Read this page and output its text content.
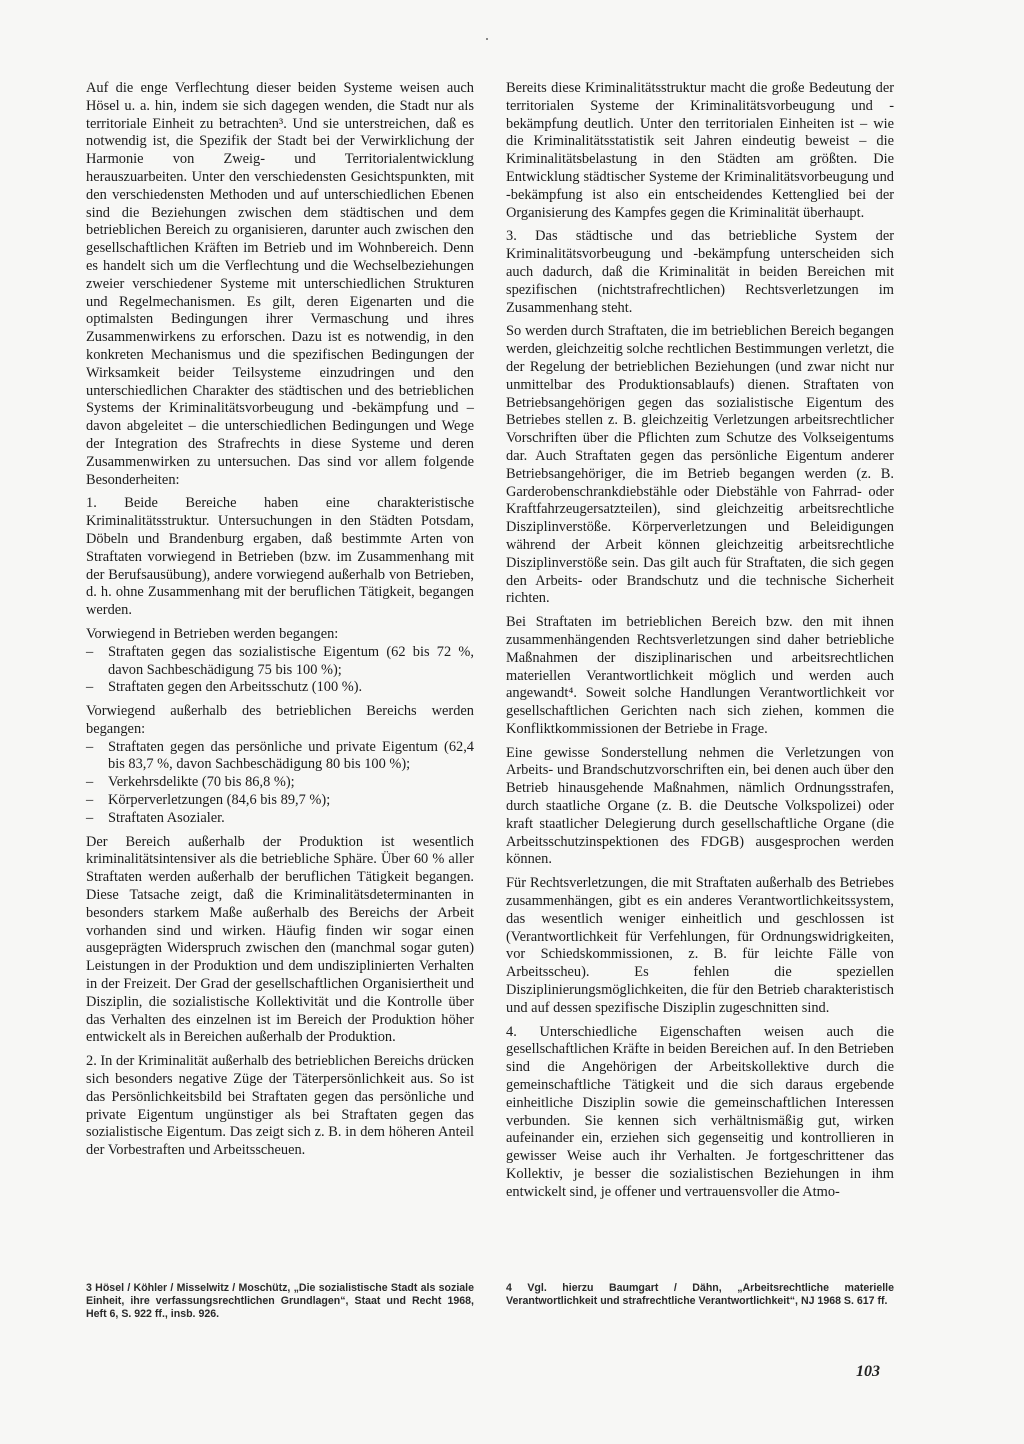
Auf die enge Verflechtung dieser beiden Systeme weisen auch Hösel u. a. hin, indem sie sich dagegen wenden, die Stadt nur als territoriale Einheit zu betrachten³. Und sie unterstreichen, daß es notwendig ist, die Spezifik der Stadt bei der Verwirklichung der Harmonie von Zweig- und Territorialentwicklung herauszuarbeiten. Unter den verschiedensten Gesichtspunkten, mit den verschiedensten Methoden und auf unterschiedlichen Ebenen sind die Beziehungen zwischen dem städtischen und dem betrieblichen Bereich zu organisieren, darunter auch zwischen den gesellschaftlichen Kräften im Betrieb und im Wohnbereich. Denn es handelt sich um die Verflechtung und die Wechselbeziehungen zweier verschiedener Systeme mit unterschiedlichen Strukturen und Regelmechanismen. Es gilt, deren Eigenarten und die optimalsten Bedingungen ihrer Vermaschung und ihres Zusammenwirkens zu erforschen. Dazu ist es notwendig, in den konkreten Mechanismus und die spezifischen Bedingungen der Wirksamkeit beider Teilsysteme einzudringen und den unterschiedlichen Charakter des städtischen und des betrieblichen Systems der Kriminalitätsvorbeugung und -bekämpfung und – davon abgeleitet – die unterschiedlichen Bedingungen und Wege der Integration des Strafrechts in diese Systeme und deren Zusammenwirken zu untersuchen. Das sind vor allem folgende Besonderheiten:

1. Beide Bereiche haben eine charakteristische Kriminalitätsstruktur. Untersuchungen in den Städten Potsdam, Döbeln und Brandenburg ergaben, daß bestimmte Arten von Straftaten vorwiegend in Betrieben (bzw. im Zusammenhang mit der Berufsausübung), andere vorwiegend außerhalb von Betrieben, d. h. ohne Zusammenhang mit der beruflichen Tätigkeit, begangen werden.

Vorwiegend in Betrieben werden begangen:

– Straftaten gegen das sozialistische Eigentum (62 bis 72 %, davon Sachbeschädigung 75 bis 100 %);
– Straftaten gegen den Arbeitsschutz (100 %).

Vorwiegend außerhalb des betrieblichen Bereichs werden begangen:

– Straftaten gegen das persönliche und private Eigentum (62,4 bis 83,7 %, davon Sachbeschädigung 80 bis 100 %);
– Verkehrsdelikte (70 bis 86,8 %);
– Körperverletzungen (84,6 bis 89,7 %);
– Straftaten Asozialer.

Der Bereich außerhalb der Produktion ist wesentlich kriminalitätsintensiver als die betriebliche Sphäre. Über 60 % aller Straftaten werden außerhalb der beruflichen Tätigkeit begangen. Diese Tatsache zeigt, daß die Kriminalitätsdeterminanten in besonders starkem Maße außerhalb des Bereichs der Arbeit vorhanden sind und wirken. Häufig finden wir sogar einen ausgeprägten Widerspruch zwischen den (manchmal sogar guten) Leistungen in der Produktion und dem undisziplinierten Verhalten in der Freizeit. Der Grad der gesellschaftlichen Organisiertheit und Disziplin, die sozialistische Kollektivität und die Kontrolle über das Verhalten des einzelnen ist im Bereich der Produktion höher entwickelt als in Bereichen außerhalb der Produktion.

2. In der Kriminalität außerhalb des betrieblichen Bereichs drücken sich besonders negative Züge der Täterpersönlichkeit aus. So ist das Persönlichkeitsbild bei Straftaten gegen das persönliche und private Eigentum ungünstiger als bei Straftaten gegen das sozialistische Eigentum. Das zeigt sich z. B. in dem höheren Anteil der Vorbestraften und Arbeitsscheuen.

Bereits diese Kriminalitätsstruktur macht die große Bedeutung der territorialen Systeme der Kriminalitätsvorbeugung und -bekämpfung deutlich. Unter den territorialen Einheiten ist – wie die Kriminalitätsstatistik seit Jahren eindeutig beweist – die Kriminalitätsbelastung in den Städten am größten. Die Entwicklung städtischer Systeme der Kriminalitätsvorbeugung und -bekämpfung ist also ein entscheidendes Kettenglied bei der Organisierung des Kampfes gegen die Kriminalität überhaupt.

3. Das städtische und das betriebliche System der Kriminalitätsvorbeugung und -bekämpfung unterscheiden sich auch dadurch, daß die Kriminalität in beiden Bereichen mit spezifischen (nichtstrafrechtlichen) Rechtsverletzungen im Zusammenhang steht.

So werden durch Straftaten, die im betrieblichen Bereich begangen werden, gleichzeitig solche rechtlichen Bestimmungen verletzt, die der Regelung der betrieblichen Beziehungen (und zwar nicht nur unmittelbar des Produktionsablaufs) dienen. Straftaten von Betriebsangehörigen gegen das sozialistische Eigentum des Betriebes stellen z. B. gleichzeitig Verletzungen arbeitsrechtlicher Vorschriften über die Pflichten zum Schutze des Volkseigentums dar. Auch Straftaten gegen das persönliche Eigentum anderer Betriebsangehöriger, die im Betrieb begangen werden (z. B. Garderobenschrankdiebstähle oder Diebstähle von Fahrrad- oder Kraftfahrzeugersatzteilen), sind gleichzeitig arbeitsrechtliche Disziplinverstöße. Körperverletzungen und Beleidigungen während der Arbeit können gleichzeitig arbeitsrechtliche Disziplinverstöße sein. Das gilt auch für Straftaten, die sich gegen den Arbeits- oder Brandschutz und die technische Sicherheit richten.

Bei Straftaten im betrieblichen Bereich bzw. den mit ihnen zusammenhängenden Rechtsverletzungen sind daher betriebliche Maßnahmen der disziplinarischen und arbeitsrechtlichen materiellen Verantwortlichkeit möglich und werden auch angewandt⁴. Soweit solche Handlungen Verantwortlichkeit vor gesellschaftlichen Gerichten nach sich ziehen, kommen die Konfliktkommissionen der Betriebe in Frage.

Eine gewisse Sonderstellung nehmen die Verletzungen von Arbeits- und Brandschutzvorschriften ein, bei denen auch über den Betrieb hinausgehende Maßnahmen, nämlich Ordnungsstrafen, durch staatliche Organe (z. B. die Deutsche Volkspolizei) oder kraft staatlicher Delegierung durch gesellschaftliche Organe (die Arbeitsschutzinspektionen des FDGB) ausgesprochen werden können.

Für Rechtsverletzungen, die mit Straftaten außerhalb des Betriebes zusammenhängen, gibt es ein anderes Verantwortlichkeitssystem, das wesentlich weniger einheitlich und geschlossen ist (Verantwortlichkeit für Verfehlungen, für Ordnungswidrigkeiten, vor Schiedskommissionen, z. B. für leichte Fälle von Arbeitsscheu). Es fehlen die speziellen Disziplinierungsmöglichkeiten, die für den Betrieb charakteristisch und auf dessen spezifische Disziplin zugeschnitten sind.

4. Unterschiedliche Eigenschaften weisen auch die gesellschaftlichen Kräfte in beiden Bereichen auf. In den Betrieben sind die Angehörigen der Arbeitskollektive durch die gemeinschaftliche Tätigkeit und die sich daraus ergebende einheitliche Disziplin sowie die gemeinschaftlichen Interessen verbunden. Sie kennen sich verhältnismäßig gut, wirken aufeinander ein, erziehen sich gegenseitig und kontrollieren in gewisser Weise auch ihr Verhalten. Je fortgeschrittener das Kollektiv, je besser die sozialistischen Beziehungen in ihm entwickelt sind, je offener und vertrauensvoller die Atmo-

3 Hösel / Köhler / Misselwitz / Moschütz, „Die sozialistische Stadt als soziale Einheit, ihre verfassungsrechtlichen Grundlagen“, Staat und Recht 1968, Heft 6, S. 922 ff., insb. 926.
4 Vgl. hierzu Baumgart / Dähn, „Arbeitsrechtliche materielle Verantwortlichkeit und strafrechtliche Verantwortlichkeit“, NJ 1968 S. 617 ff.
103
